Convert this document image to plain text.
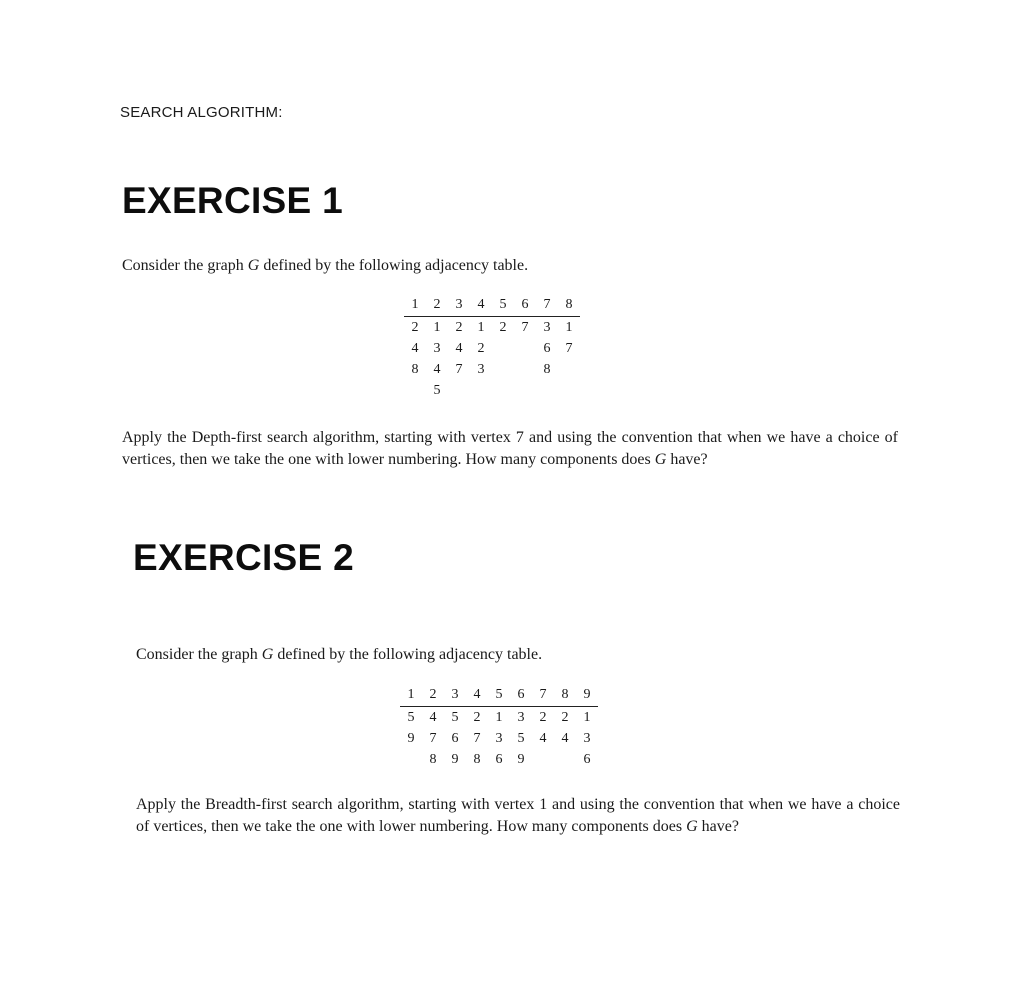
SEARCH ALGORITHM:
EXERCISE 1
Consider the graph G defined by the following adjacency table.
1	2	3	4	5	6	7	8
2	1	2	1	2	7	3	1
4	3	4	2			6	7
8	4	7	3			8	
	5						
Apply the Depth-first search algorithm, starting with vertex 7 and using the convention that when we have a choice of vertices, then we take the one with lower numbering. How many components does G have?
EXERCISE 2
Consider the graph G defined by the following adjacency table.
1	2	3	4	5	6	7	8	9
5	4	5	2	1	3	2	2	1
9	7	6	7	3	5	4	4	3
	8	9	8	6	9			6
Apply the Breadth-first search algorithm, starting with vertex 1 and using the convention that when we have a choice of vertices, then we take the one with lower numbering. How many components does G have?
